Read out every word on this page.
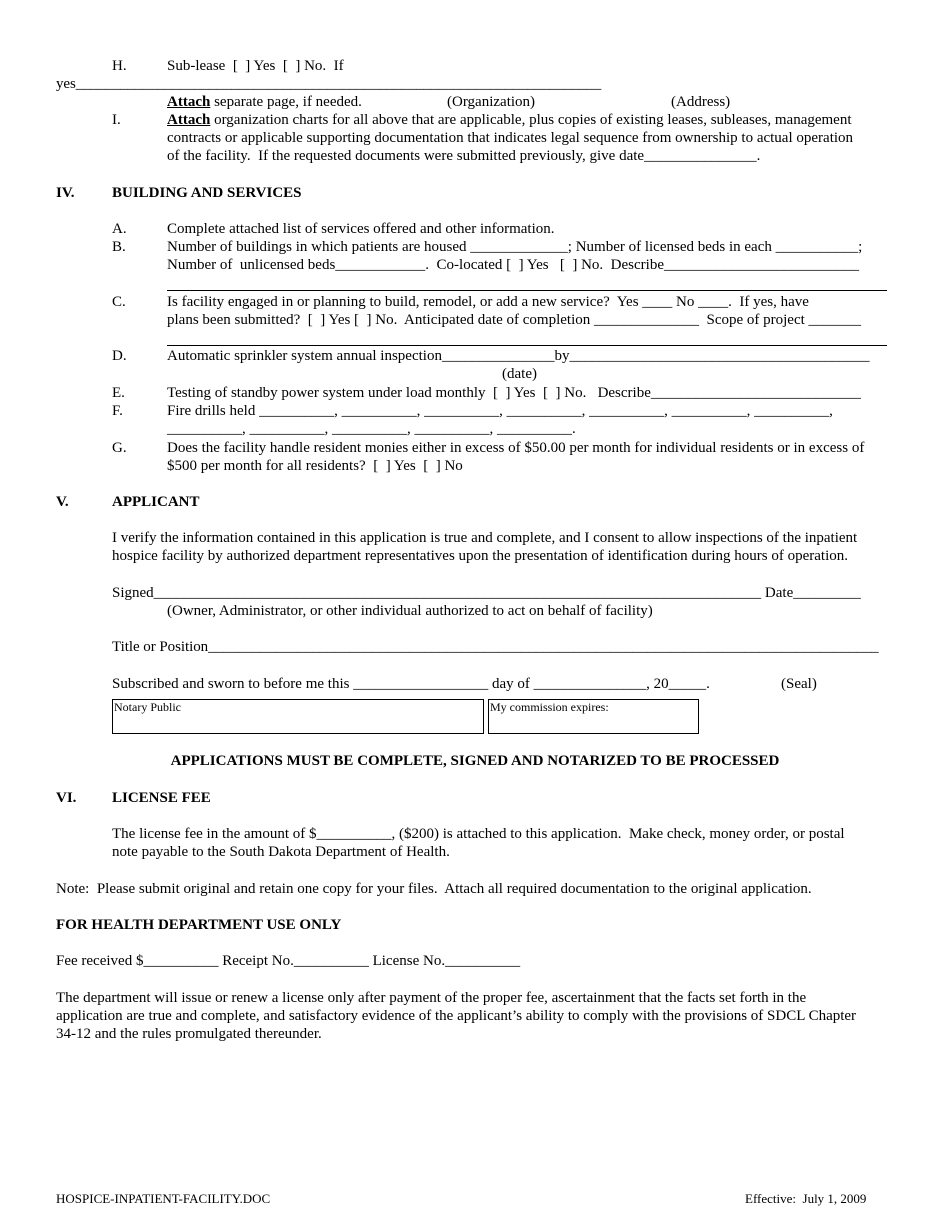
H.	Sub-lease  [  ] Yes  [  ] No.  If
yes_______________________________________________________________________
Attach separate page, if needed.	(Organization)	(Address)
I.	Attach organization charts for all above that are applicable, plus copies of existing leases, subleases, management
contracts or applicable supporting documentation that indicates legal sequence from ownership to actual operation
of the facility.  If the requested documents were submitted previously, give date_______________.
IV.	BUILDING AND SERVICES
A.	Complete attached list of services offered and other information.
B.	Number of buildings in which patients are housed _____________; Number of licensed beds in each ___________;
Number of  unlicensed beds____________.  Co-located [  ] Yes   [  ] No.  Describe__________________________
C.	Is facility engaged in or planning to build, remodel, or add a new service?  Yes ____ No ____.  If yes, have
plans been submitted?  [  ] Yes [  ] No.  Anticipated date of completion ______________  Scope of project _______
D.	Automatic sprinkler system annual inspection_______________by________________________________________
(date)
E.	Testing of standby power system under load monthly  [  ] Yes  [  ] No.   Describe____________________________
F.	Fire drills held __________, __________, __________, __________, __________, __________, __________,
__________, __________, __________, __________, __________.
G.	Does the facility handle resident monies either in excess of $50.00 per month for individual residents or in excess of
$500 per month for all residents?  [  ] Yes  [  ] No
V.	APPLICANT
I verify the information contained in this application is true and complete, and I consent to allow inspections of the inpatient
hospice facility by authorized department representatives upon the presentation of identification during hours of operation.
Signed_________________________________________________________________________________ Date_________
(Owner, Administrator, or other individual authorized to act on behalf of facility)
Title or Position__________________________________________________________________________________________
Subscribed and sworn to before me this __________________ day of _______________, 20_____.	(Seal)
Notary Public	My commission expires:
APPLICATIONS MUST BE COMPLETE, SIGNED AND NOTARIZED TO BE PROCESSED
VI. LICENSE FEE
The license fee in the amount of $__________, ($200) is attached to this application.  Make check, money order, or postal
note payable to the South Dakota Department of Health.
Note:  Please submit original and retain one copy for your files.  Attach all required documentation to the original application.
FOR HEALTH DEPARTMENT USE ONLY
Fee received $__________ Receipt No.__________ License No.__________
The department will issue or renew a license only after payment of the proper fee, ascertainment that the facts set forth in the
application are true and complete, and satisfactory evidence of the applicant’s ability to comply with the provisions of SDCL Chapter
34-12 and the rules promulgated thereunder.
HOSPICE-INPATIENT-FACILITY.DOC	Effective:  July 1, 2009
